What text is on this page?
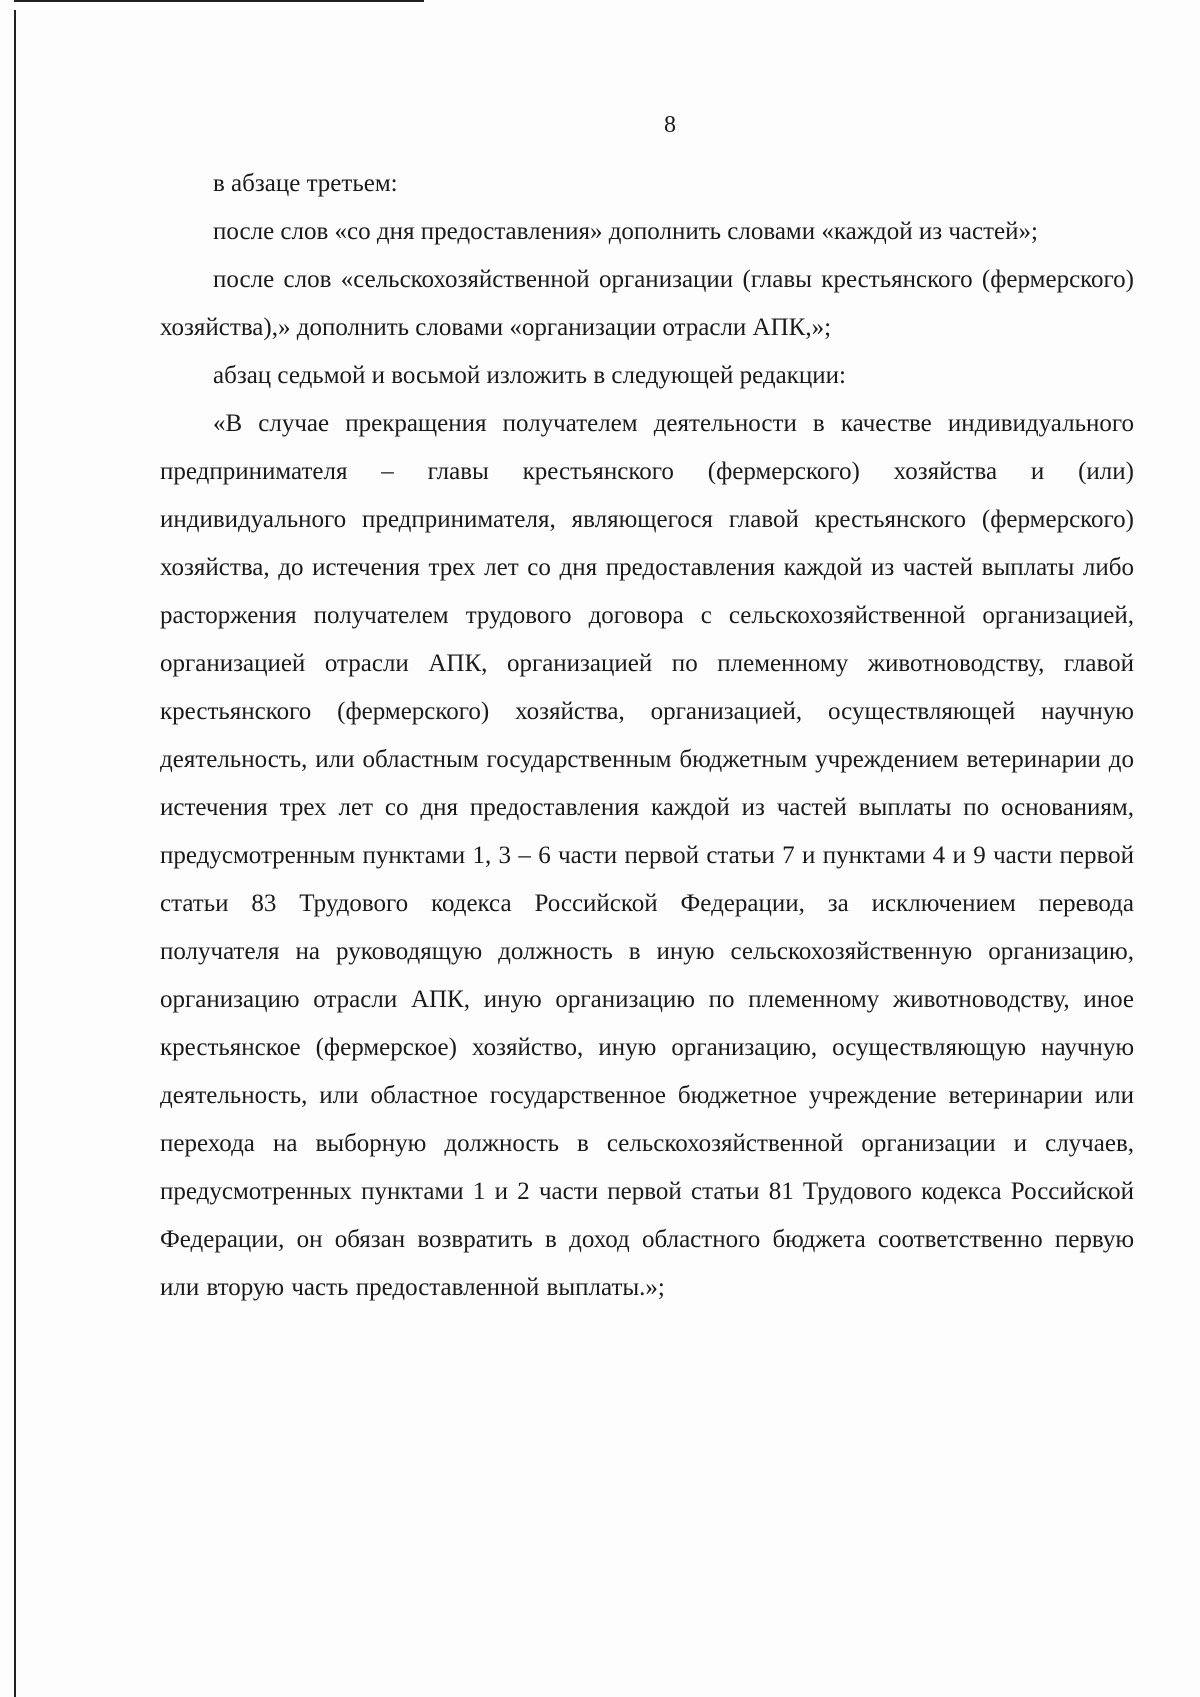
8

в абзаце третьем:

после слов «со дня предоставления» дополнить словами «каждой из частей»;

после слов «сельскохозяйственной организации (главы крестьянского (фермерского) хозяйства),» дополнить словами «организации отрасли АПК,»;

абзац седьмой и восьмой изложить в следующей редакции:

«В случае прекращения получателем деятельности в качестве индивидуального предпринимателя – главы крестьянского (фермерского) хозяйства и (или) индивидуального предпринимателя, являющегося главой крестьянского (фермерского) хозяйства, до истечения трех лет со дня предоставления каждой из частей выплаты либо расторжения получателем трудового договора с сельскохозяйственной организацией, организацией отрасли АПК, организацией по племенному животноводству, главой крестьянского (фермерского) хозяйства, организацией, осуществляющей научную деятельность, или областным государственным бюджетным учреждением ветеринарии до истечения трех лет со дня предоставления каждой из частей выплаты по основаниям, предусмотренным пунктами 1, 3 – 6 части первой статьи 7 и пунктами 4 и 9 части первой статьи 83 Трудового кодекса Российской Федерации, за исключением перевода получателя на руководящую должность в иную сельскохозяйственную организацию, организацию отрасли АПК, иную организацию по племенному животноводству, иное крестьянское (фермерское) хозяйство, иную организацию, осуществляющую научную деятельность, или областное государственное бюджетное учреждение ветеринарии или перехода на выборную должность в сельскохозяйственной организации и случаев, предусмотренных пунктами 1 и 2 части первой статьи 81 Трудового кодекса Российской Федерации, он обязан возвратить в доход областного бюджета соответственно первую или вторую часть предоставленной выплаты.»;
